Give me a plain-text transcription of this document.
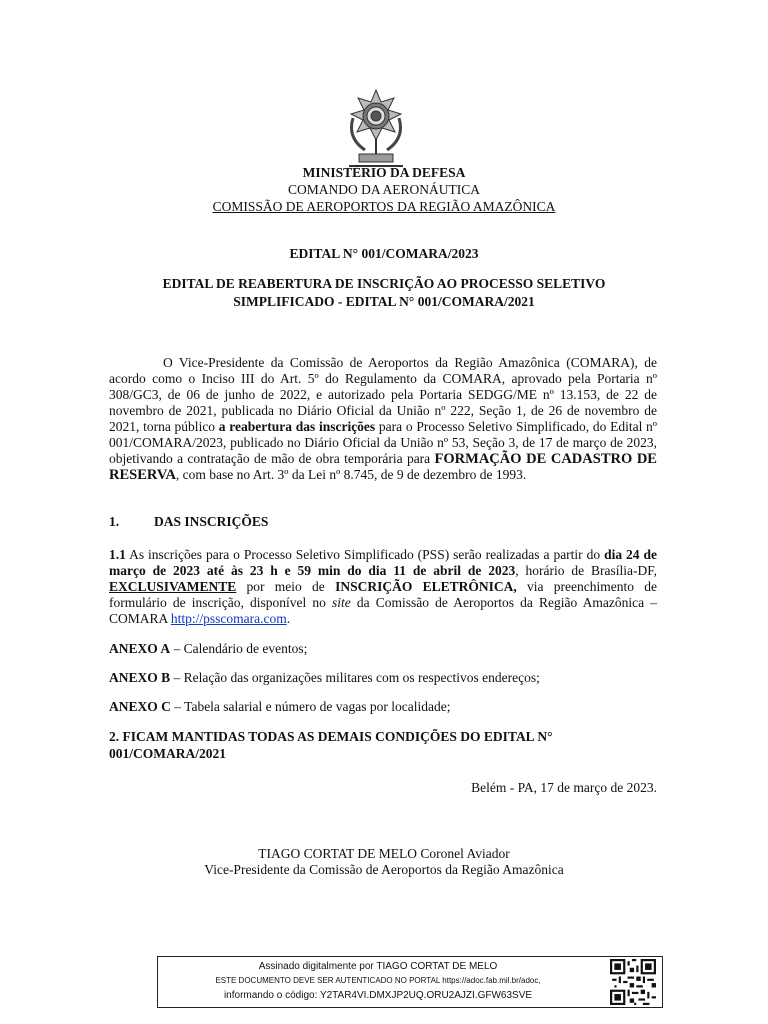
MINISTÉRIO DA DEFESA
COMANDO DA AERONÁUTICA
COMISSÃO DE AEROPORTOS DA REGIÃO AMAZÔNICA
EDITAL N° 001/COMARA/2023
EDITAL DE REABERTURA DE INSCRIÇÃO AO PROCESSO SELETIVO
SIMPLIFICADO - EDITAL N° 001/COMARA/2021
O Vice-Presidente da Comissão de Aeroportos da Região Amazônica (COMARA), de acordo como o Inciso III do Art. 5º do Regulamento da COMARA, aprovado pela Portaria nº 308/GC3, de 06 de junho de 2022, e autorizado pela Portaria SEDGG/ME nº 13.153, de 22 de novembro de 2021, publicada no Diário Oficial da União nº 222, Seção 1, de 26 de novembro de 2021, torna público a reabertura das inscrições para o Processo Seletivo Simplificado, do Edital nº 001/COMARA/2023, publicado no Diário Oficial da União nº 53, Seção 3, de 17 de março de 2023, objetivando a contratação de mão de obra temporária para FORMAÇÃO DE CADASTRO DE RESERVA, com base no Art. 3º da Lei nº 8.745, de 9 de dezembro de 1993.
1.	DAS INSCRIÇÕES
1.1 As inscrições para o Processo Seletivo Simplificado (PSS) serão realizadas a partir do dia 24 de março de 2023 até às 23 h e 59 min do dia 11 de abril de 2023, horário de Brasília-DF, EXCLUSIVAMENTE por meio de INSCRIÇÃO ELETRÔNICA, via preenchimento de formulário de inscrição, disponível no site da Comissão de Aeroportos da Região Amazônica – COMARA http://psscomara.com.
ANEXO A – Calendário de eventos;
ANEXO B – Relação das organizações militares com os respectivos endereços;
ANEXO C – Tabela salarial e número de vagas por localidade;
2. FICAM MANTIDAS TODAS AS DEMAIS CONDIÇÕES DO EDITAL N°
001/COMARA/2021
Belém - PA, 17 de março de 2023.
TIAGO CORTAT DE MELO Coronel Aviador
Vice-Presidente da Comissão de Aeroportos da Região Amazônica
Assinado digitalmente por TIAGO CORTAT DE MELO
ESTE DOCUMENTO DEVE SER AUTENTICADO NO PORTAL https://adoc.fab.mil.br/adoc,
informando o código: Y2TAR4VI.DMXJP2UQ.ORU2AJZI.GFW63SVE
